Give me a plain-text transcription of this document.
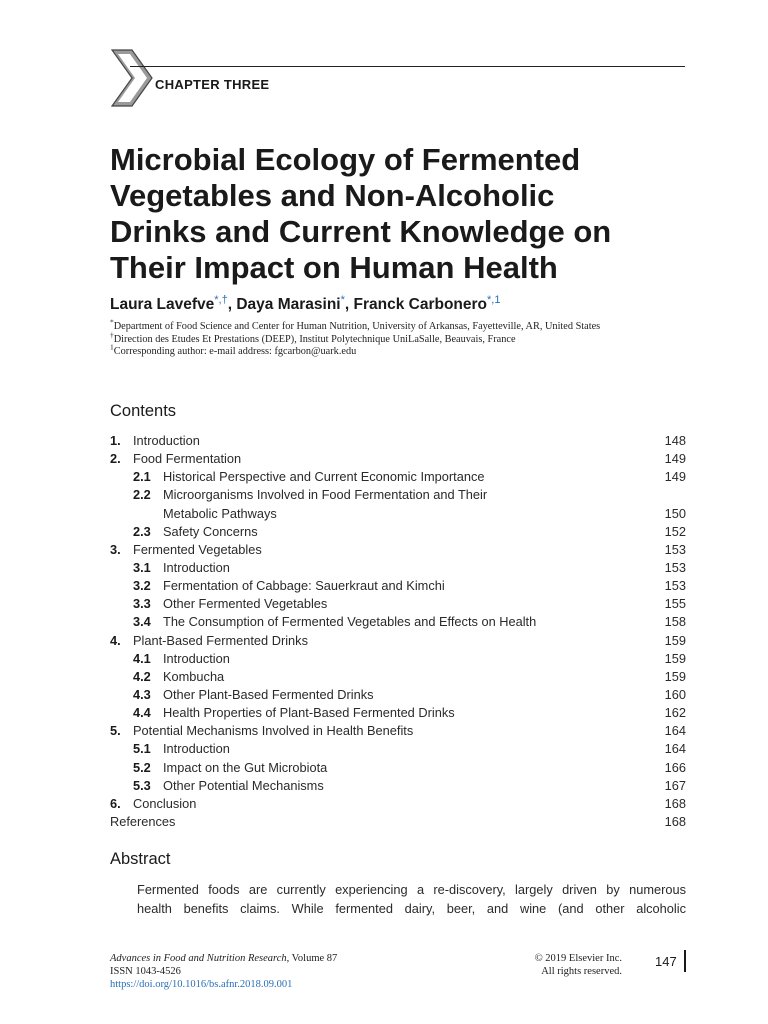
CHAPTER THREE
Microbial Ecology of Fermented
Vegetables and Non-Alcoholic
Drinks and Current Knowledge on
Their Impact on Human Health
Laura Lavefve*,†, Daya Marasini*, Franck Carbonero$^{*,1}$
*Department of Food Science and Center for Human Nutrition, University of Arkansas, Fayetteville, AR, United States
†Direction des Etudes Et Prestations (DEEP), Institut Polytechnique UniLaSalle, Beauvais, France
$^1$Corresponding author: e-mail address: fgcarbon@uark.edu
Contents
1. Introduction	148
2. Food Fermentation	149
2.1 Historical Perspective and Current Economic Importance	149
2.2 Microorganisms Involved in Food Fermentation and Their
Metabolic Pathways	150
2.3 Safety Concerns	152
3. Fermented Vegetables	153
3.1 Introduction	153
3.2 Fermentation of Cabbage: Sauerkraut and Kimchi	153
3.3 Other Fermented Vegetables	155
3.4 The Consumption of Fermented Vegetables and Effects on Health	158
4. Plant-Based Fermented Drinks	159
4.1 Introduction	159
4.2 Kombucha	159
4.3 Other Plant-Based Fermented Drinks	160
4.4 Health Properties of Plant-Based Fermented Drinks	162
5. Potential Mechanisms Involved in Health Benefits	164
5.1 Introduction	164
5.2 Impact on the Gut Microbiota	166
5.3 Other Potential Mechanisms	167
6. Conclusion	168
References	168
Abstract
Fermented foods are currently experiencing a re-discovery, largely driven by numerous
health benefits claims. While fermented dairy, beer, and wine (and other alcoholic
Advances in Food and Nutrition Research, Volume 87
ISSN 1043-4526
https://doi.org/10.1016/bs.afnr.2018.09.001
© 2019 Elsevier Inc.
All rights reserved.
147
